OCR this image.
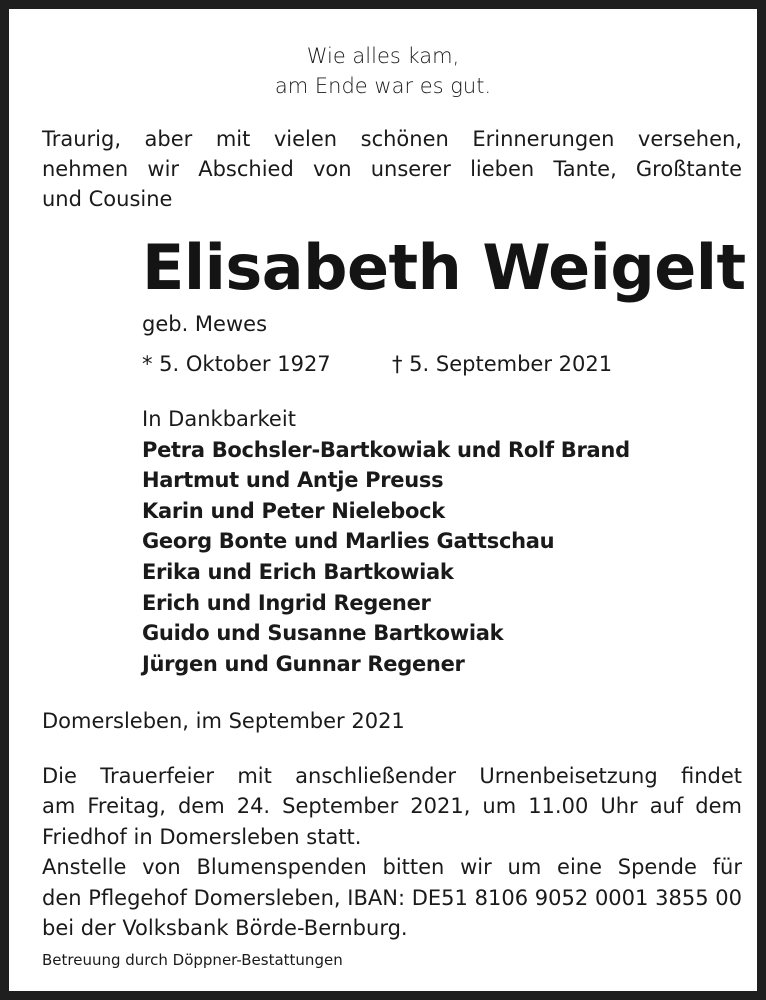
Wie alles kam,
am Ende war es gut.
Traurig, aber mit vielen schönen Erinnerungen versehen,
nehmen wir Abschied von unserer lieben Tante, Großtante
und Cousine
Elisabeth Weigelt
geb. Mewes
* 5. Oktober 1927	† 5. September 2021
In Dankbarkeit
Petra Bochsler-Bartkowiak und Rolf Brand
Hartmut und Antje Preuss
Karin und Peter Nielebock
Georg Bonte und Marlies Gattschau
Erika und Erich Bartkowiak
Erich und Ingrid Regener
Guido und Susanne Bartkowiak
Jürgen und Gunnar Regener
Domersleben, im September 2021
Die Trauerfeier mit anschließender Urnenbeisetzung findet
am Freitag, dem 24. September 2021, um 11.00 Uhr auf dem
Friedhof in Domersleben statt.
Anstelle von Blumenspenden bitten wir um eine Spende für
den Pflegehof Domersleben, IBAN: DE51 8106 9052 0001 3855 00
bei der Volksbank Börde-Bernburg.
Betreuung durch Döppner-Bestattungen
